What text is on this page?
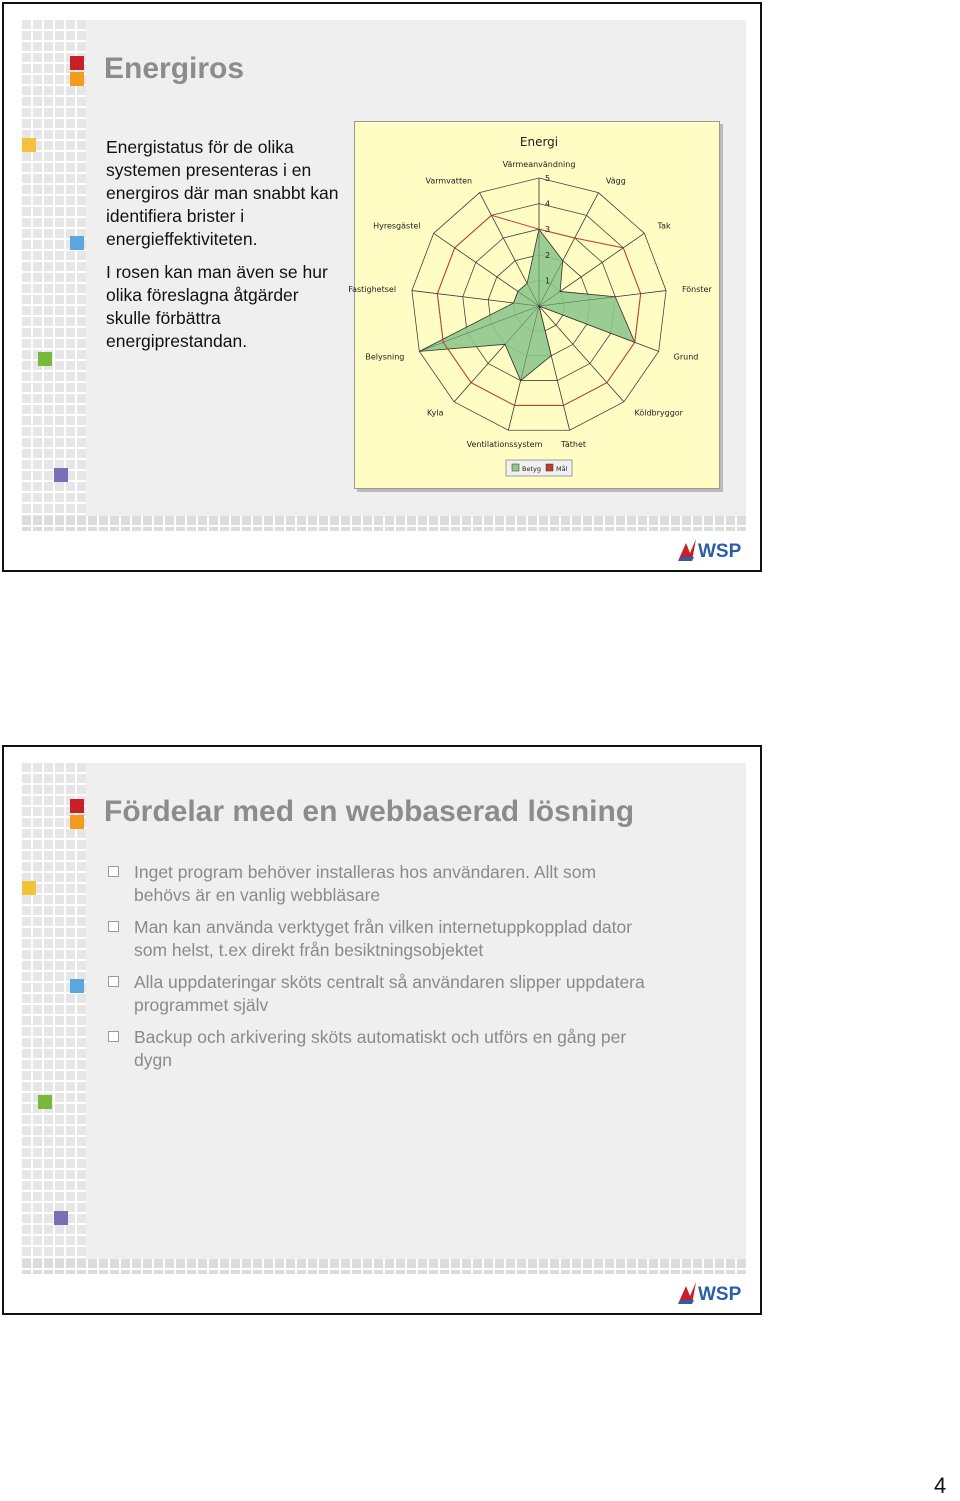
Energiros

Energistatus för de olika systemen presenteras i en energiros där man snabbt kan identifiera brister i energieffektiviteten.

I rosen kan man även se hur olika föreslagna åtgärder skulle förbättra energiprestandan.

Energi
1
2
3
4
5
Värmeanvändning
Vägg
Tak
Fönster
Grund
Köldbryggor
Täthet
Ventilationssystem
Kyla
Belysning
Fastighetsel
Hyresgästel
Varmvatten
Betyg Mål
WSP
Fördelar med en webbaserad lösning
Inget program behöver installeras hos användaren. Allt som behövs är en vanlig webbläsare
Man kan använda verktyget från vilken internetuppkopplad dator som helst, t.ex direkt från besiktningsobjektet
Alla uppdateringar sköts centralt så användaren slipper uppdatera programmet själv
Backup och arkivering sköts automatiskt och utförs en gång per dygn
WSP
4
